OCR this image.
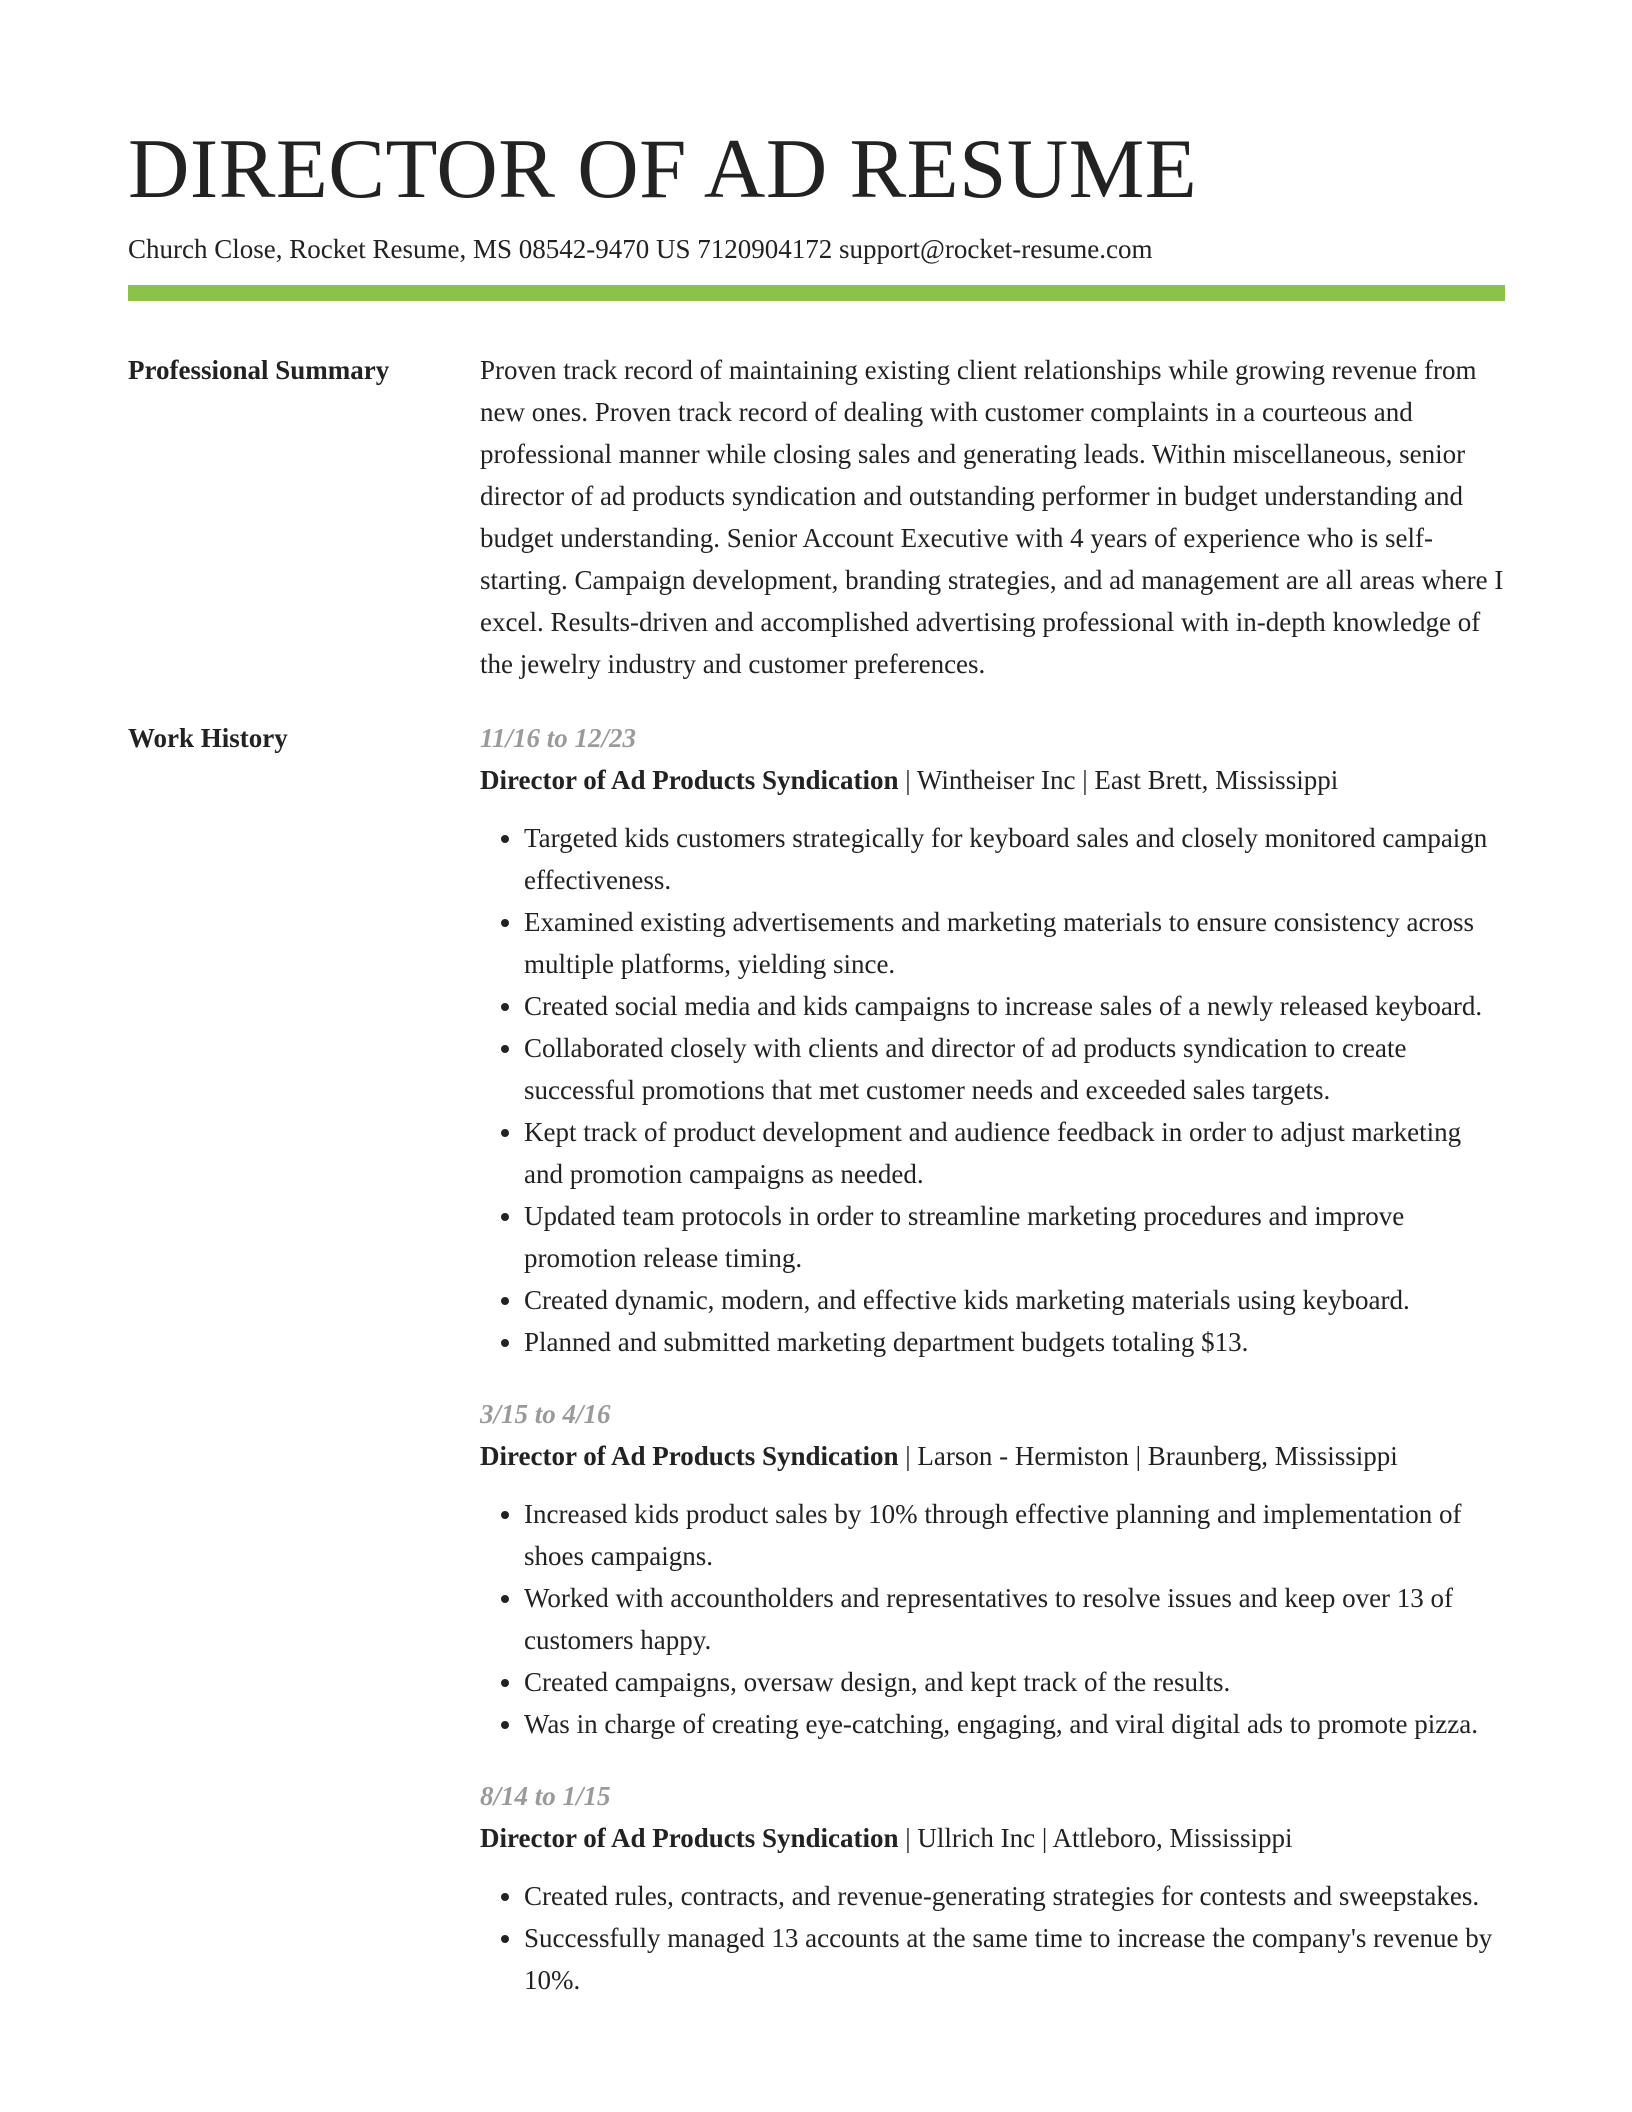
DIRECTOR OF AD RESUME
Church Close, Rocket Resume, MS 08542-9470 US 7120904172 support@rocket-resume.com
Professional Summary	Proven track record of maintaining existing client relationships while growing revenue from new ones. Proven track record of dealing with customer complaints in a courteous and professional manner while closing sales and generating leads. Within miscellaneous, senior director of ad products syndication and outstanding performer in budget understanding and budget understanding. Senior Account Executive with 4 years of experience who is self-starting. Campaign development, branding strategies, and ad management are all areas where I excel. Results-driven and accomplished advertising professional with in-depth knowledge of the jewelry industry and customer preferences.

Work History	11/16 to 12/23
Director of Ad Products Syndication | Wintheiser Inc | East Brett, Mississippi
• Targeted kids customers strategically for keyboard sales and closely monitored campaign effectiveness.
• Examined existing advertisements and marketing materials to ensure consistency across multiple platforms, yielding since.
• Created social media and kids campaigns to increase sales of a newly released keyboard.
• Collaborated closely with clients and director of ad products syndication to create successful promotions that met customer needs and exceeded sales targets.
• Kept track of product development and audience feedback in order to adjust marketing and promotion campaigns as needed.
• Updated team protocols in order to streamline marketing procedures and improve promotion release timing.
• Created dynamic, modern, and effective kids marketing materials using keyboard.
• Planned and submitted marketing department budgets totaling $13.
3/15 to 4/16
Director of Ad Products Syndication | Larson - Hermiston | Braunberg, Mississippi
• Increased kids product sales by 10% through effective planning and implementation of shoes campaigns.
• Worked with accountholders and representatives to resolve issues and keep over 13 of customers happy.
• Created campaigns, oversaw design, and kept track of the results.
• Was in charge of creating eye-catching, engaging, and viral digital ads to promote pizza.
8/14 to 1/15
Director of Ad Products Syndication | Ullrich Inc | Attleboro, Mississippi
• Created rules, contracts, and revenue-generating strategies for contests and sweepstakes.
• Successfully managed 13 accounts at the same time to increase the company's revenue by 10%.
